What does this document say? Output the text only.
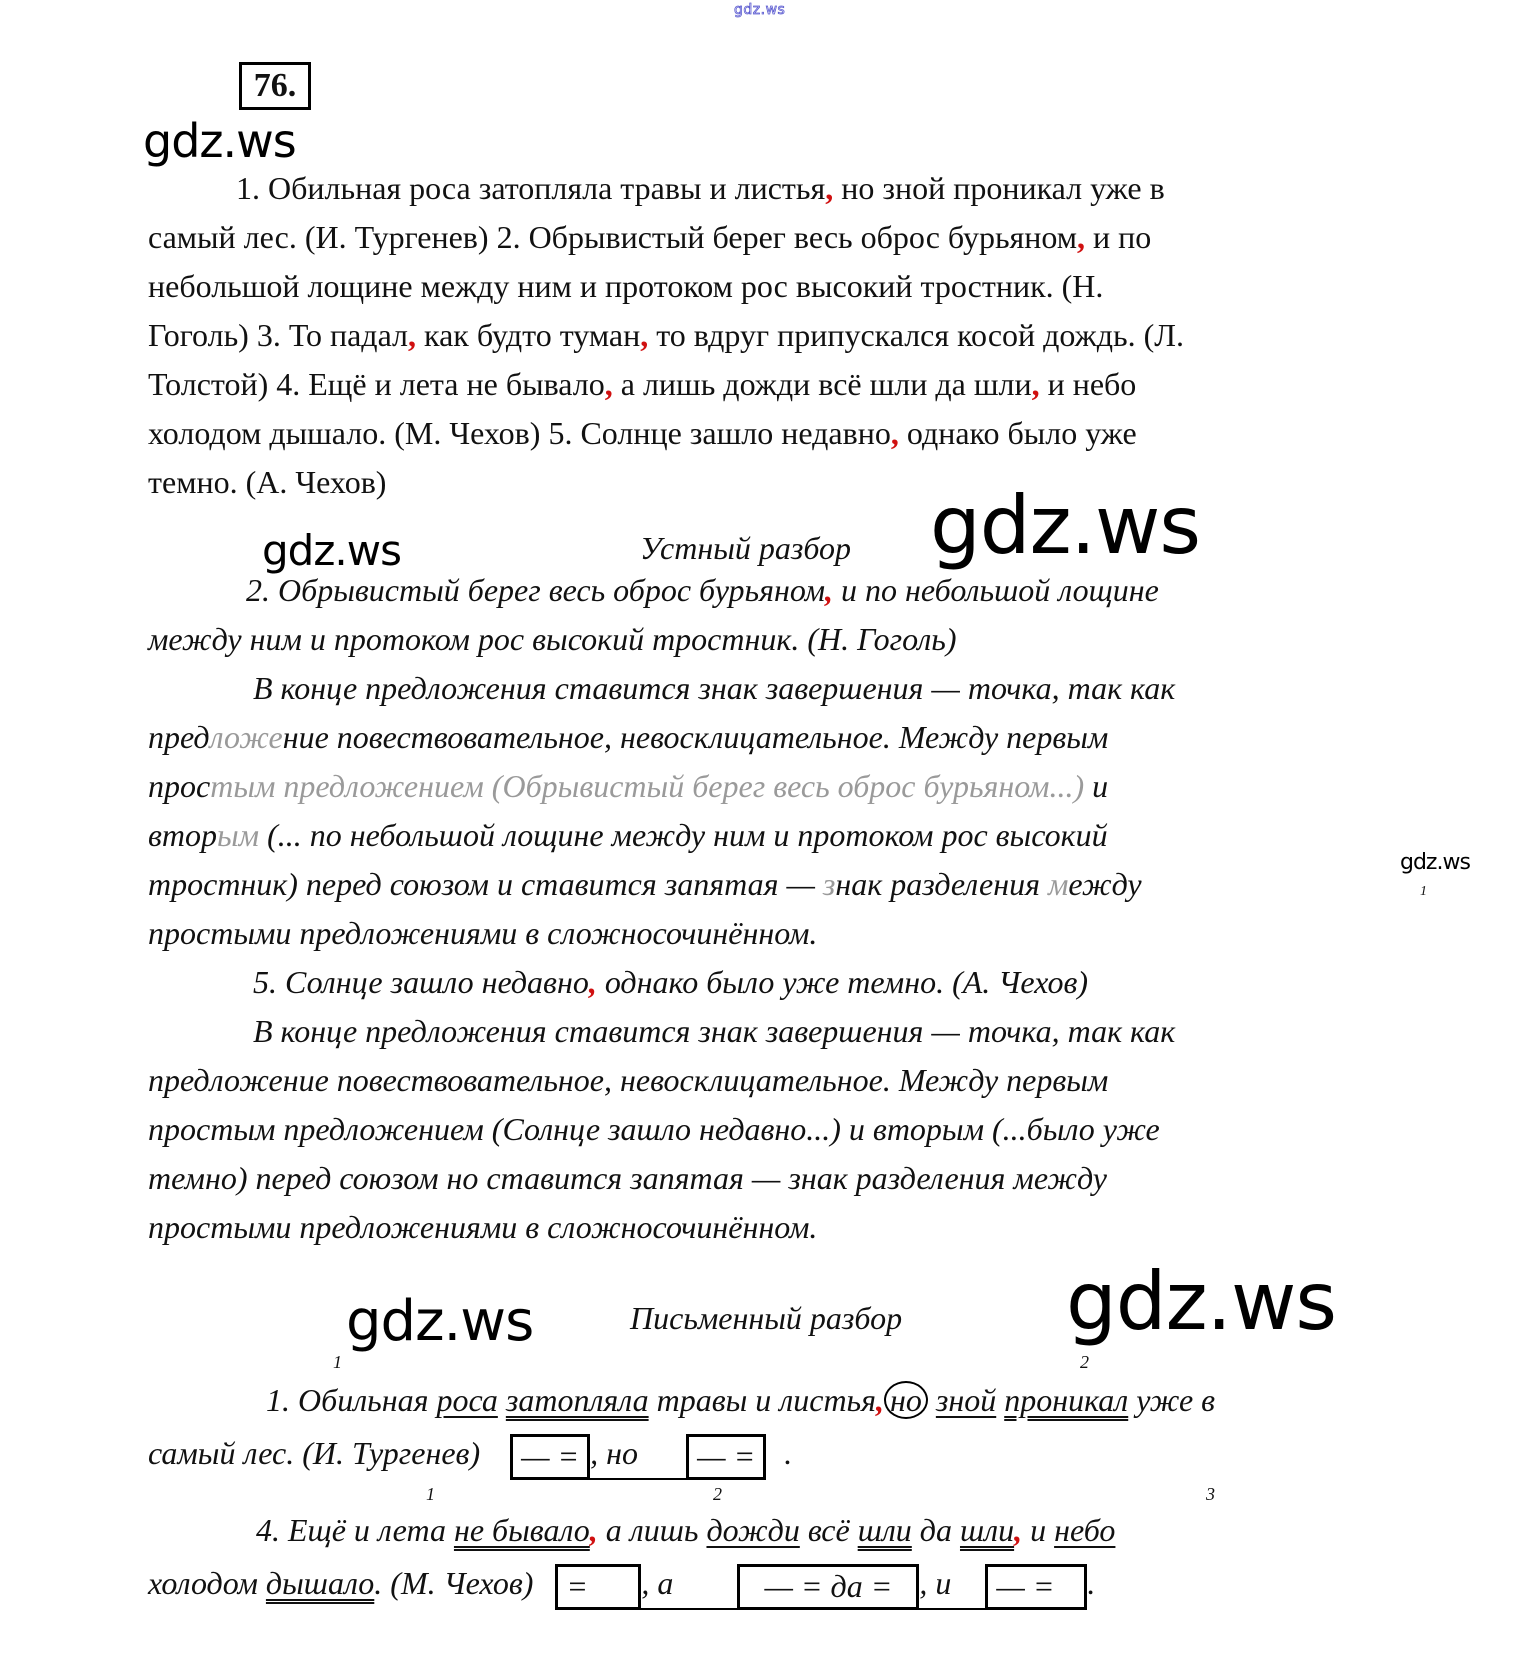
gdz.ws
76.
gdz.ws
1. Обильная роса затопляла травы и листья, но зной проникал уже в
самый лес. (И. Тургенев) 2. Обрывистый берег весь оброс бурьяном, и по
небольшой лощине между ним и протоком рос высокий тростник. (Н.
Гоголь) 3. То падал, как будто туман, то вдруг припускался косой дождь. (Л.
Толстой) 4. Ещё и лета не бывало, а лишь дожди всё шли да шли, и небо
холодом дышало. (М. Чехов) 5. Солнце зашло недавно, однако было уже
темно. (А. Чехов)
gdz.ws	Устный разбор gdz.ws
2. Обрывистый берег весь оброс бурьяном, и по небольшой лощине
между ним и протоком рос высокий тростник. (Н. Гоголь)
В конце предложения ставится знак завершения — точка, так как
предложение повествовательное, невосклицательное. Между первым
простым предложением (Обрывистый берег весь оброс бурьяном...) и
вторым (... по небольшой лощине между ним и протоком рос высокий
тростник) перед союзом и ставится запятая — знак разделения между
простыми предложениями в сложносочинённом.
5. Солнце зашло недавно, однако было уже темно. (А. Чехов)
В конце предложения ставится знак завершения — точка, так как
предложение повествовательное, невосклицательное. Между первым
простым предложением (Солнце зашло недавно...) и вторым (...было уже
темно) перед союзом но ставится запятая — знак разделения между
простыми предложениями в сложносочинённом.
gdz.ws
1
gdz.ws	Письменный разбор gdz.ws
1	2
1. Обильная роса затопляла травы и листья, но зной проникал уже в
самый лес. (И. Тургенев) — = , но — = .
1	2	3
4. Ещё и лета не бывало, а лишь дожди всё шли да шли, и небо
холодом дышало. (М. Чехов) = , а	— = да = , и — = .
